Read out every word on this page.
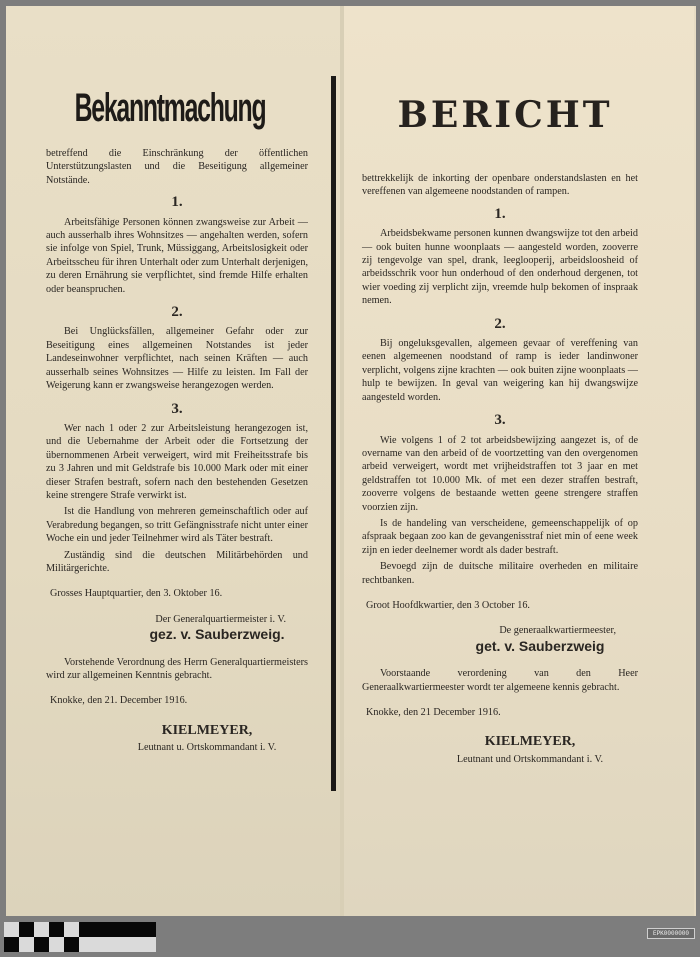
Bekanntmachung	BERICHT

betreffend die Einschränkung der öffentlichen Unterstützungslasten und die Beseitigung allgemeiner Notstände.

1.

Arbeitsfähige Personen können zwangsweise zur Arbeit — auch ausserhalb ihres Wohnsitzes — angehalten werden, sofern sie infolge von Spiel, Trunk, Müssiggang, Arbeitslosigkeit oder Arbeitsscheu für ihren Unterhalt oder zum Unterhalt derjenigen, zu deren Ernährung sie verpflichtet, sind fremde Hilfe erhalten oder beanspruchen.

2.

Bei Unglücksfällen, allgemeiner Gefahr oder zur Beseitigung eines allgemeinen Notstandes ist jeder Landeseinwohner verpflichtet, nach seinen Kräften — auch ausserhalb seines Wohnsitzes — Hilfe zu leisten. Im Fall der Weigerung kann er zwangsweise herangezogen werden.

3.

Wer nach 1 oder 2 zur Arbeitsleistung herangezogen ist, und die Uebernahme der Arbeit oder die Fortsetzung der übernommenen Arbeit verweigert, wird mit Freiheitsstrafe bis zu 3 Jahren und mit Geldstrafe bis 10.000 Mark oder mit einer dieser Strafen bestraft, sofern nach den bestehenden Gesetzen keine strengere Strafe verwirkt ist.

Ist die Handlung von mehreren gemeinschaftlich oder auf Verabredung begangen, so tritt Gefängnisstrafe nicht unter einer Woche ein und jeder Teilnehmer wird als Täter bestraft.

Zuständig sind die deutschen Militärbehörden und Militärgerichte.

Grosses Hauptquartier, den 3. Oktober 16.

Der Generalquartiermeister i. V.

gez. v. Sauberzweig.

Vorstehende Verordnung des Herrn Generalquartiermeisters wird zur allgemeinen Kenntnis gebracht.

Knokke, den 21. December 1916.

KIELMEYER,
Leutnant u. Ortskommandant i. V.

bettrekkelijk de inkorting der openbare onderstandslasten en het vereffenen van algemeene noodstanden of rampen.

1.

Arbeidsbekwame personen kunnen dwangswijze tot den arbeid — ook buiten hunne woonplaats — aangesteld worden, zooverre zij tengevolge van spel, drank, leeglooperij, arbeidsloosheid of arbeidsschrik voor hun onderhoud of den onderhoud dergenen, tot wier voeding zij verplicht zijn, vreemde hulp bekomen of inspraak nemen.

2.

Bij ongeluksgevallen, algemeen gevaar of vereffening van eenen algemeenen noodstand of ramp is ieder landinwoner verplicht, volgens zijne krachten — ook buiten zijne woonplaats — hulp te bewijzen. In geval van weigering kan hij dwangswijze aangesteld worden.

3.

Wie volgens 1 of 2 tot arbeidsbewijzing aangezet is, of de overname van den arbeid of de voortzetting van den overgenomen arbeid verweigert, wordt met vrijheidstraffen tot 3 jaar en met geldstraffen tot 10.000 Mk. of met een dezer straffen bestraft, zooverre volgens de bestaande wetten geene strengere straffen voorzien zijn.

Is de handeling van verscheidene, gemeenschappelijk of op afspraak begaan zoo kan de gevangenisstraf niet min of eene week zijn en ieder deelnemer wordt als dader bestraft.

Bevoegd zijn de duitsche militaire overheden en militaire rechtbanken.

Groot Hoofdkwartier, den 3 October 16.

De generaalkwartiermeester,

get. v. Sauberzweig

Voorstaande verordening van den Heer Generaalkwartiermeester wordt ter algemeene kennis gebracht.

Knokke, den 21 December 1916.

KIELMEYER,
Leutnant und Ortskommandant i. V.
EPK0000000
